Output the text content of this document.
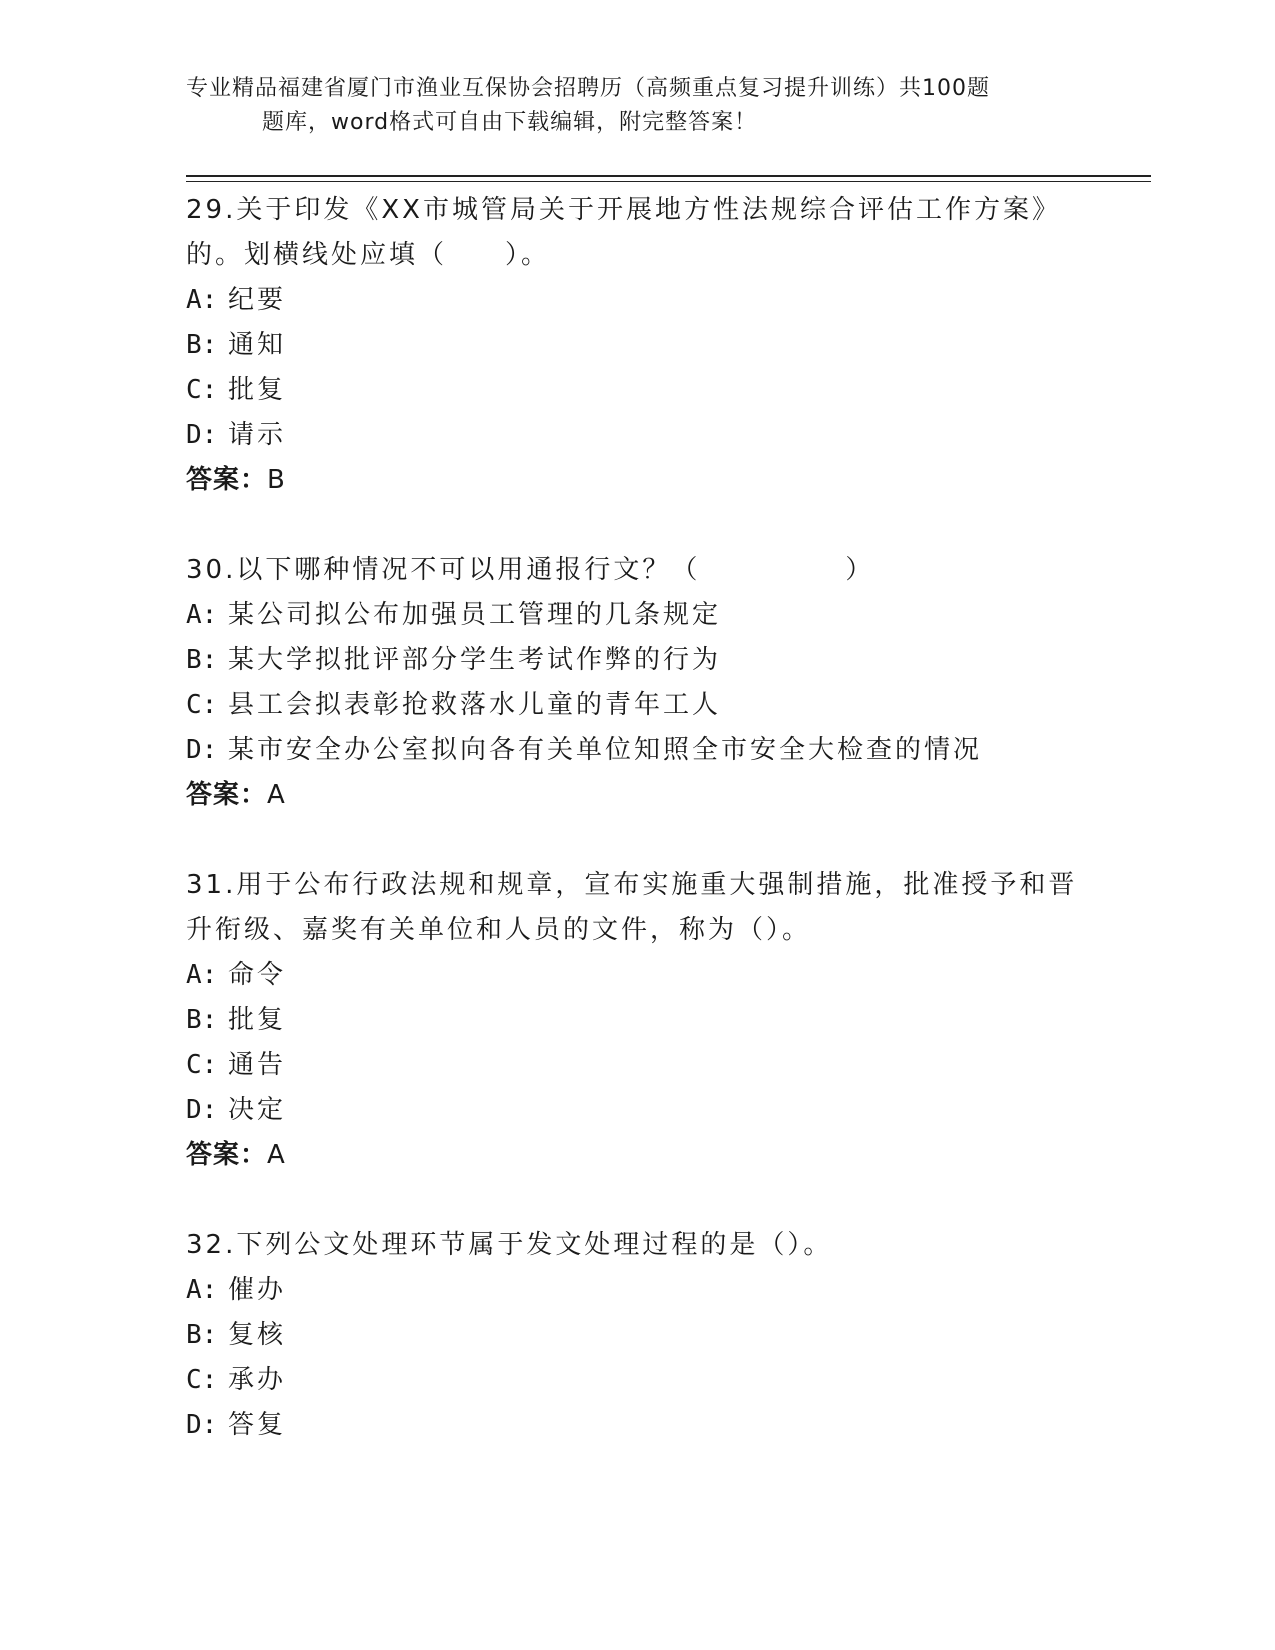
专业精品福建省厦门市渔业互保协会招聘历（高频重点复习提升训练）共100题
题库，word格式可自由下载编辑，附完整答案！
29.关于印发《XX市城管局关于开展地方性法规综合评估工作方案》的。划横线处应填（　　）。
A: 纪要
B: 通知
C: 批复
D: 请示
答案：B
30.以下哪种情况不可以用通报行文？（　　　　　）
A: 某公司拟公布加强员工管理的几条规定
B: 某大学拟批评部分学生考试作弊的行为
C: 县工会拟表彰抢救落水儿童的青年工人
D: 某市安全办公室拟向各有关单位知照全市安全大检查的情况
答案：A
31.用于公布行政法规和规章，宣布实施重大强制措施，批准授予和晋升衔级、嘉奖有关单位和人员的文件，称为（）。
A: 命令
B: 批复
C: 通告
D: 决定
答案：A
32.下列公文处理环节属于发文处理过程的是（）。
A: 催办
B: 复核
C: 承办
D: 答复
